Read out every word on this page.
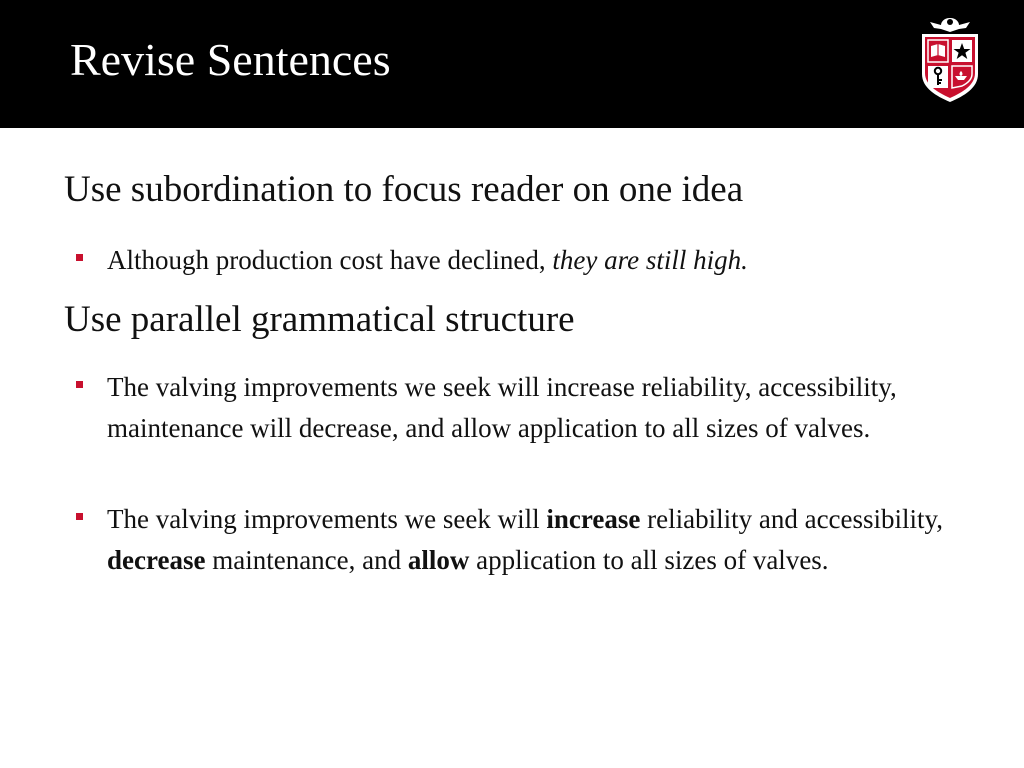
Revise Sentences
Use subordination to focus reader on one idea
Although production cost have declined, they are still high.
Use parallel grammatical structure
The valving improvements we seek will increase reliability, accessibility, maintenance will decrease, and allow application to all sizes of valves.
The valving improvements we seek will increase reliability and accessibility, decrease maintenance, and allow application to all sizes of valves.
